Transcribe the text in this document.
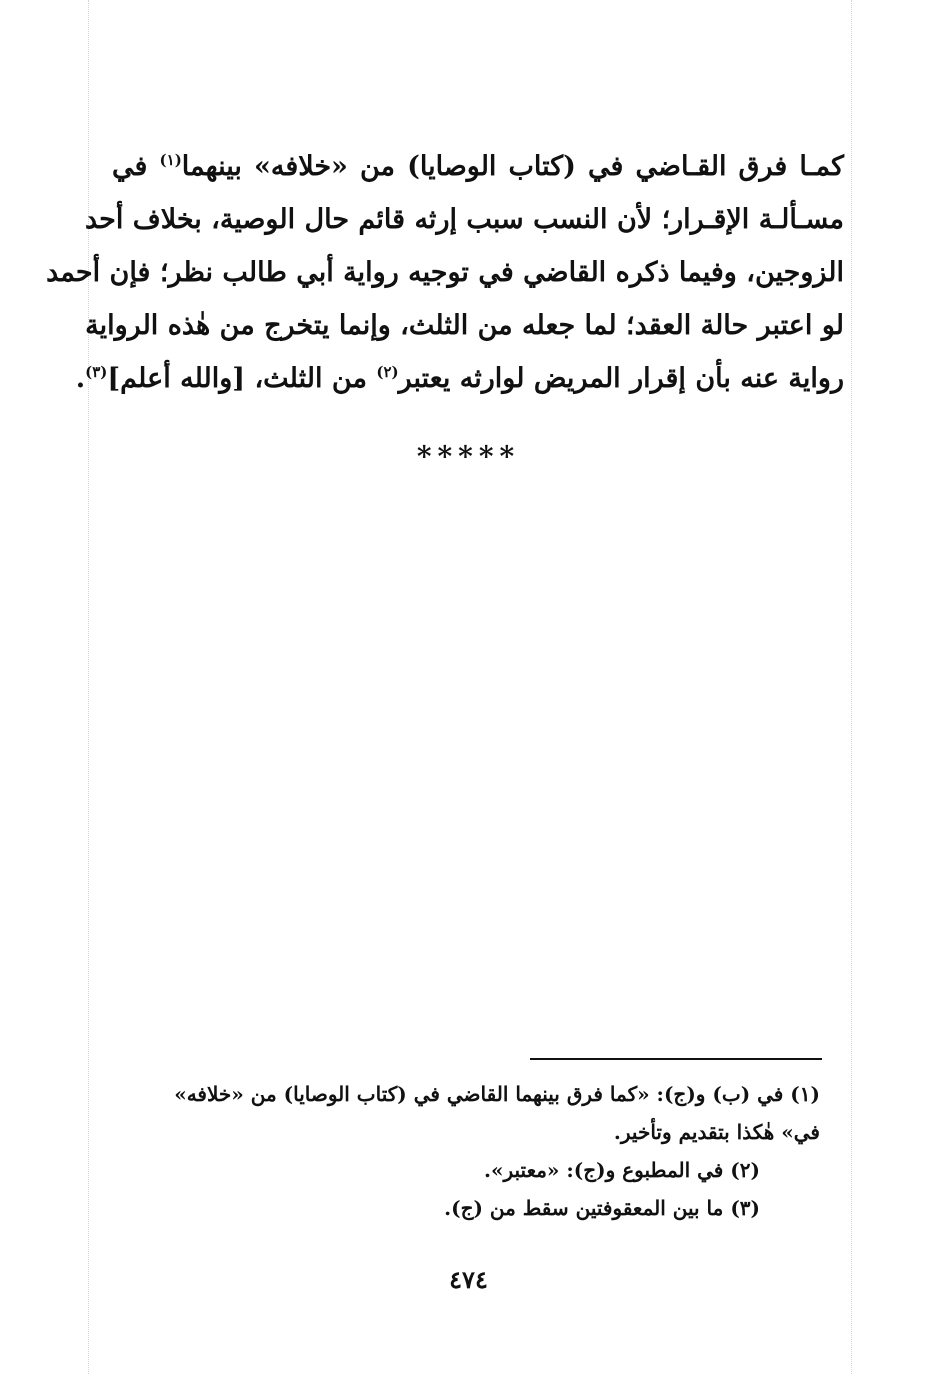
كمـا فرق القـاضي في (كتاب الوصايا) من «خلافه» بينهما$^{(١)}$ في
مسـألـة الإقـرار؛ لأن النسب سبب إرثه قائم حال الوصية، بخلاف أحد
الزوجين، وفيما ذكره القاضي في توجيه رواية أبي طالب نظر؛ فإن أحمد
لو اعتبر حالة العقد؛ لما جعله من الثلث، وإنما يتخرج من هٰذه الرواية
رواية عنه بأن إقرار المريض لوارثه يعتبر$^{(٢)}$ من الثلث، [والله أعلم]$^{(٣)}$.
*****
(١) في (ب) و(ج): «كما فرق بينهما القاضي في (كتاب الوصايا) من «خلافه»
في» هٰكذا بتقديم وتأخير.
(٢) في المطبوع و(ج): «معتبر».
(٣) ما بين المعقوفتين سقط من (ج).
٤٧٤
